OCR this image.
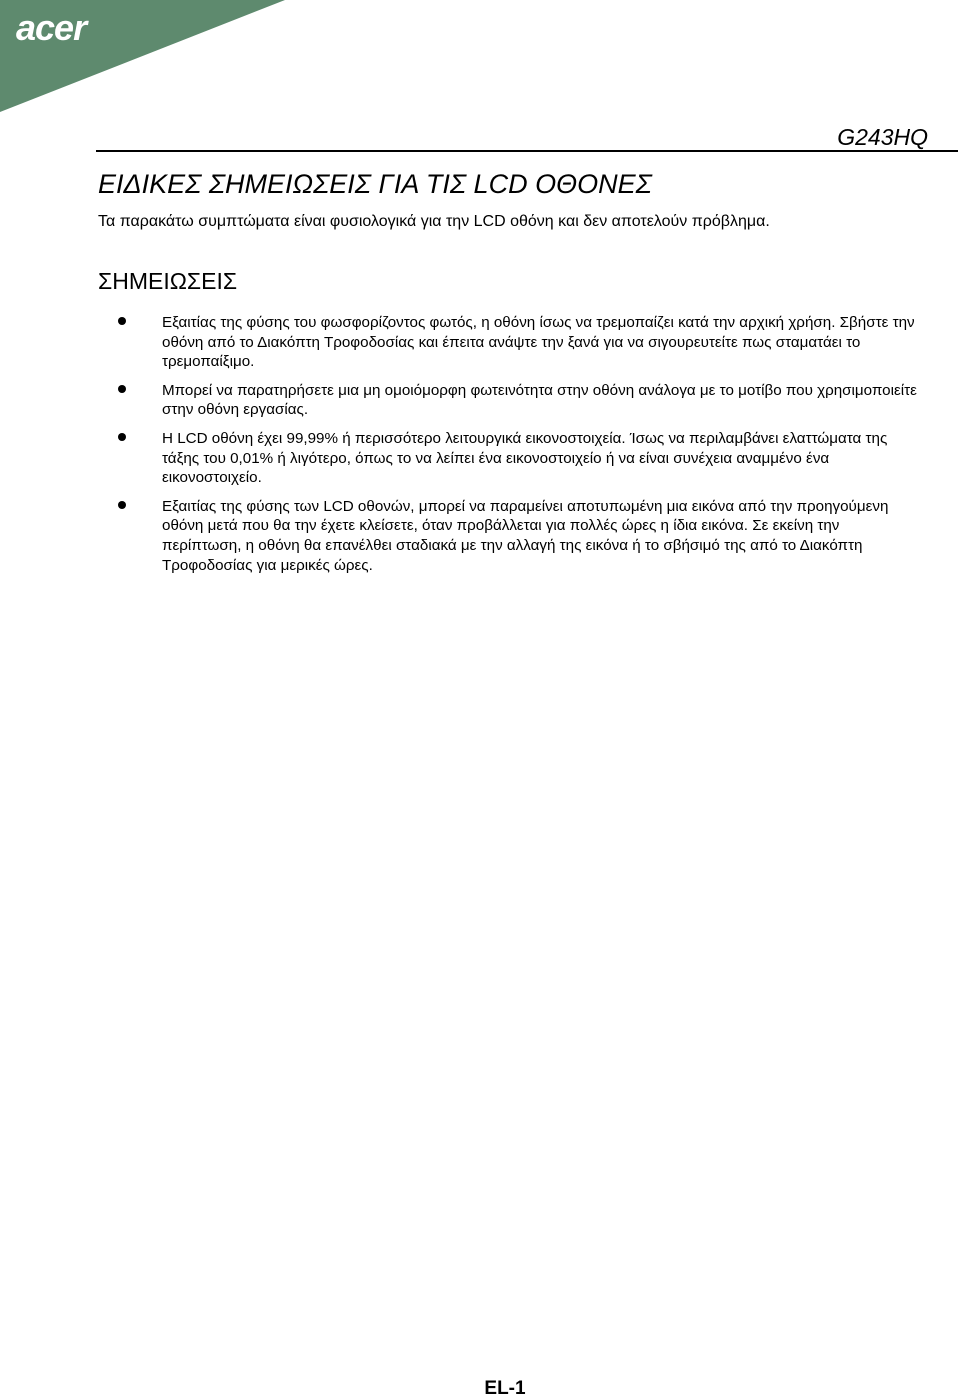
acer
G243HQ
ΕΙΔΙΚΕΣ ΣΗΜΕΙΩΣΕΙΣ ΓΙΑ ΤΙΣ LCD ΟΘΟΝΕΣ

Τα παρακάτω συμπτώματα είναι φυσιολογικά για την LCD οθόνη και δεν αποτελούν πρόβλημα.

ΣΗΜΕΙΩΣΕΙΣ
Εξαιτίας της φύσης του φωσφορίζοντος φωτός, η οθόνη ίσως να τρεμοπαίζει κατά την αρχική χρήση. Σβήστε την οθόνη από το Διακόπτη Τροφοδοσίας και έπειτα ανάψτε την ξανά για να σιγουρευτείτε πως σταματάει το τρεμοπαίξιμο.
Μπορεί να παρατηρήσετε μια μη ομοιόμορφη φωτεινότητα στην οθόνη ανάλογα με το μοτίβο που χρησιμοποιείτε στην οθόνη εργασίας.
Η LCD οθόνη έχει 99,99% ή περισσότερο λειτουργικά εικονοστοιχεία. Ίσως να περιλαμβάνει ελαττώματα της τάξης του 0,01% ή λιγότερο, όπως το να λείπει ένα εικονοστοιχείο ή να είναι συνέχεια αναμμένο ένα εικονοστοιχείο.
Εξαιτίας της φύσης των LCD οθονών, μπορεί να παραμείνει αποτυπωμένη μια εικόνα από την προηγούμενη οθόνη μετά που θα την έχετε κλείσετε, όταν προβάλλεται για πολλές ώρες η ίδια εικόνα. Σε εκείνη την περίπτωση, η οθόνη θα επανέλθει σταδιακά με την αλλαγή της εικόνα ή το σβήσιμό της από το Διακόπτη Τροφοδοσίας για μερικές ώρες.
EL-1
